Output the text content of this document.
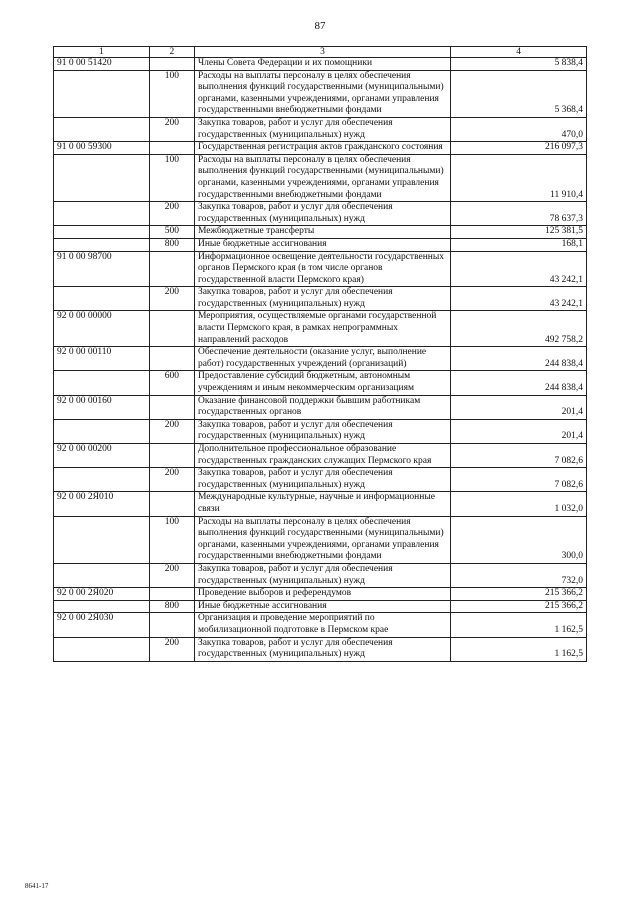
87
1	2	3	4
91 0 00 51420		Члены Совета Федерации и их помощники	5 838,4
	100	Расходы на выплаты персоналу в целях обеспечения выполнения функций государственными (муниципальными) органами, казенными учреждениями, органами управления государственными внебюджетными фондами	5 368,4
	200	Закупка товаров, работ и услуг для обеспечения государственных (муниципальных) нужд	470,0
91 0 00 59300		Государственная регистрация актов гражданского состояния	216 097,3
	100	Расходы на выплаты персоналу в целях обеспечения выполнения функций государственными (муниципальными) органами, казенными учреждениями, органами управления государственными внебюджетными фондами	11 910,4
	200	Закупка товаров, работ и услуг для обеспечения государственных (муниципальных) нужд	78 637,3
	500	Межбюджетные трансферты	125 381,5
	800	Иные бюджетные ассигнования	168,1
91 0 00 98700		Информационное освещение деятельности государственных органов Пермского края (в том числе органов государственной власти Пермского края)	43 242,1
	200	Закупка товаров, работ и услуг для обеспечения государственных (муниципальных) нужд	43 242,1
92 0 00 00000		Мероприятия, осуществляемые органами государственной власти Пермского края, в рамках непрограммных направлений расходов	492 758,2
92 0 00 00110		Обеспечение деятельности (оказание услуг, выполнение работ) государственных учреждений (организаций)	244 838,4
	600	Предоставление субсидий бюджетным, автономным учреждениям и иным некоммерческим организациям	244 838,4
92 0 00 00160		Оказание финансовой поддержки бывшим работникам государственных органов	201,4
	200	Закупка товаров, работ и услуг для обеспечения государственных (муниципальных) нужд	201,4
92 0 00 00200		Дополнительное профессиональное образование государственных гражданских служащих Пермского края	7 082,6
	200	Закупка товаров, работ и услуг для обеспечения государственных (муниципальных) нужд	7 082,6
92 0 00 2Я010		Международные культурные, научные и информационные связи	1 032,0
	100	Расходы на выплаты персоналу в целях обеспечения выполнения функций государственными (муниципальными) органами, казенными учреждениями, органами управления государственными внебюджетными фондами	300,0
	200	Закупка товаров, работ и услуг для обеспечения государственных (муниципальных) нужд	732,0
92 0 00 2Я020		Проведение выборов и референдумов	215 366,2
	800	Иные бюджетные ассигнования	215 366,2
92 0 00 2Я030		Организация и проведение мероприятий по мобилизационной подготовке в Пермском крае	1 162,5
	200	Закупка товаров, работ и услуг для обеспечения государственных (муниципальных) нужд	1 162,5
8641-17
